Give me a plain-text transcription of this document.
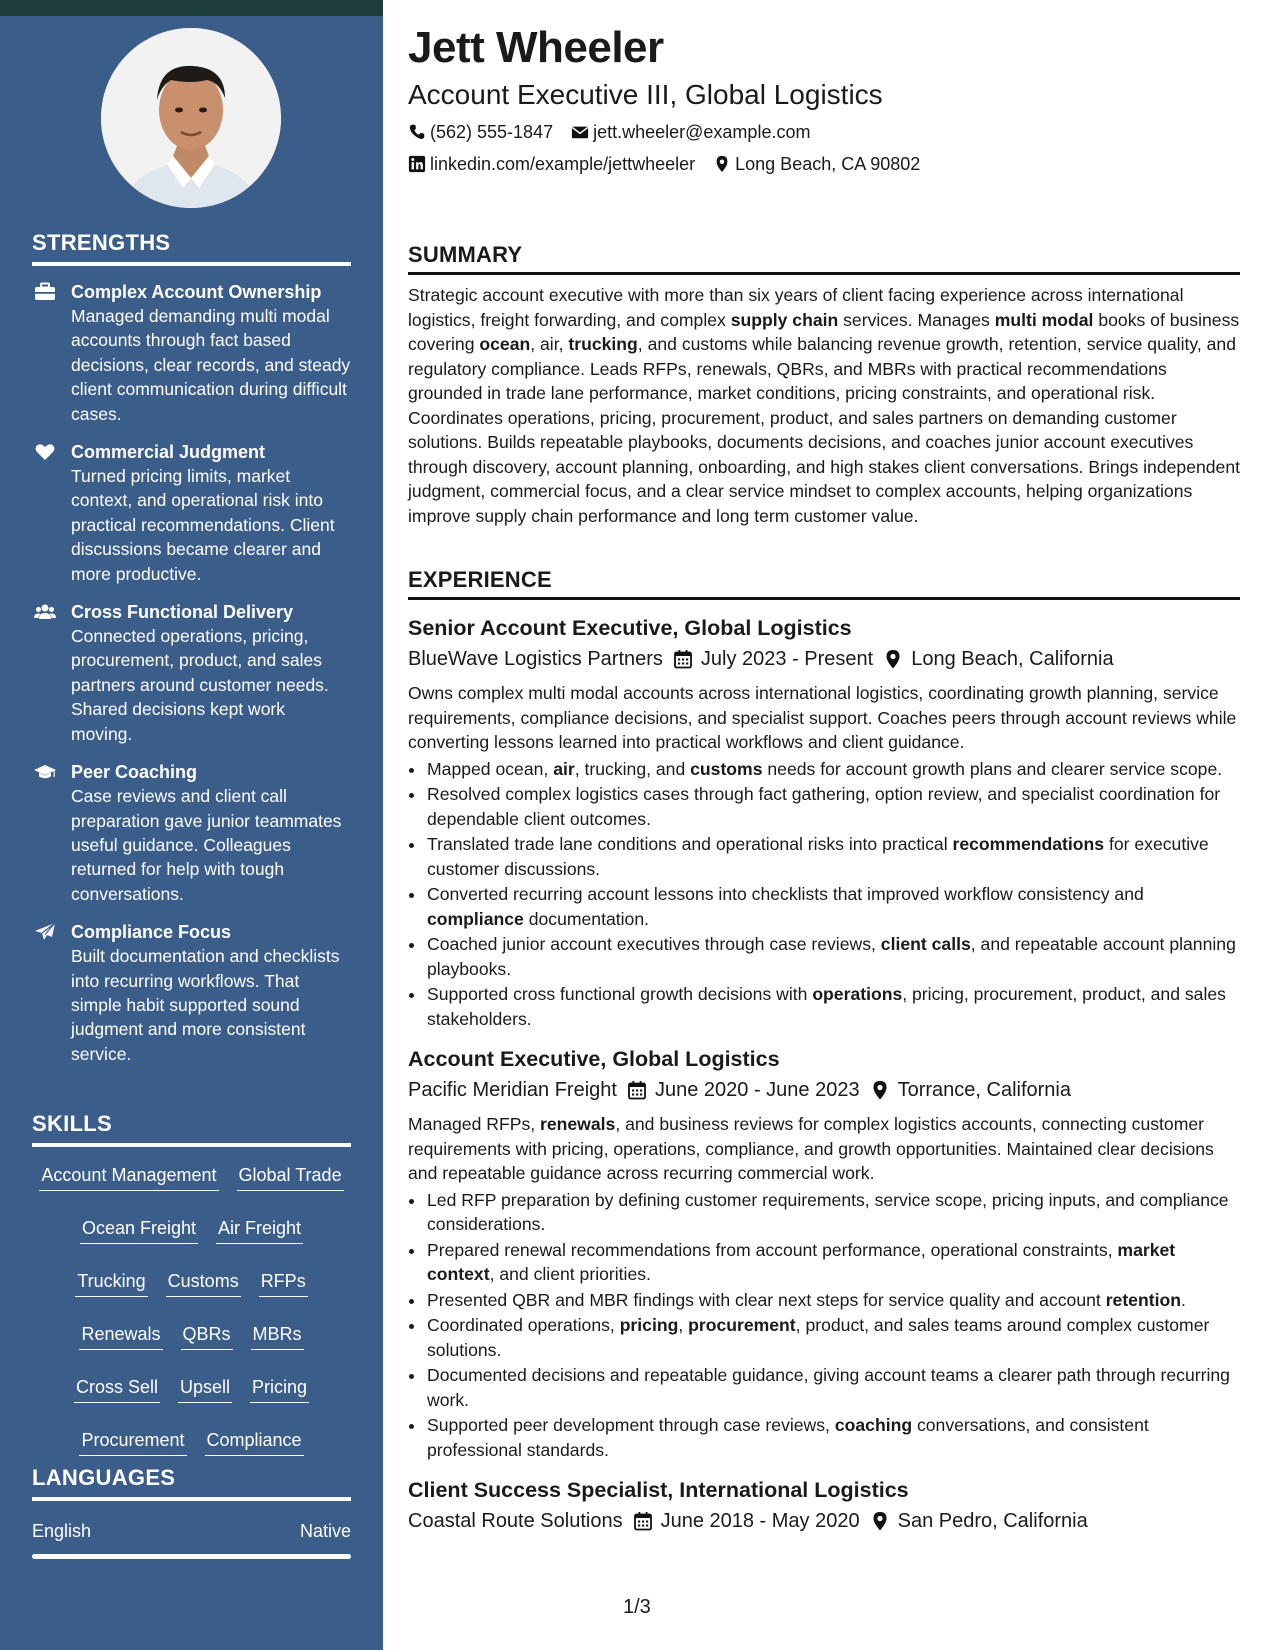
STRENGTHS
Complex Account Ownership
Managed demanding multi modal accounts through fact based decisions, clear records, and steady client communication during difficult cases.
Commercial Judgment
Turned pricing limits, market context, and operational risk into practical recommendations. Client discussions became clearer and more productive.
Cross Functional Delivery
Connected operations, pricing, procurement, product, and sales partners around customer needs. Shared decisions kept work moving.
Peer Coaching
Case reviews and client call preparation gave junior teammates useful guidance. Colleagues returned for help with tough conversations.
Compliance Focus
Built documentation and checklists into recurring workflows. That simple habit supported sound judgment and more consistent service.
SKILLS
Account Management Global Trade
Ocean Freight Air Freight
Trucking Customs RFPs
Renewals QBRs MBRs
Cross Sell Upsell Pricing
Procurement Compliance
LANGUAGES
English	Native
Jett Wheeler
Account Executive III, Global Logistics
(562) 555-1847 jett.wheeler@example.com
linkedin.com/example/jettwheeler Long Beach, CA 90802
SUMMARY
Strategic account executive with more than six years of client facing experience across international logistics, freight forwarding, and complex supply chain services. Manages multi modal books of business covering ocean, air, trucking, and customs while balancing revenue growth, retention, service quality, and regulatory compliance. Leads RFPs, renewals, QBRs, and MBRs with practical recommendations grounded in trade lane performance, market conditions, pricing constraints, and operational risk. Coordinates operations, pricing, procurement, product, and sales partners on demanding customer solutions. Builds repeatable playbooks, documents decisions, and coaches junior account executives through discovery, account planning, onboarding, and high stakes client conversations. Brings independent judgment, commercial focus, and a clear service mindset to complex accounts, helping organizations improve supply chain performance and long term customer value.
EXPERIENCE
Senior Account Executive, Global Logistics
BlueWave Logistics Partners July 2023 - Present Long Beach, California
Owns complex multi modal accounts across international logistics, coordinating growth planning, service requirements, compliance decisions, and specialist support. Coaches peers through account reviews while converting lessons learned into practical workflows and client guidance.
• Mapped ocean, air, trucking, and customs needs for account growth plans and clearer service scope.
• Resolved complex logistics cases through fact gathering, option review, and specialist coordination for dependable client outcomes.
• Translated trade lane conditions and operational risks into practical recommendations for executive customer discussions.
• Converted recurring account lessons into checklists that improved workflow consistency and compliance documentation.
• Coached junior account executives through case reviews, client calls, and repeatable account planning playbooks.
• Supported cross functional growth decisions with operations, pricing, procurement, product, and sales stakeholders.
Account Executive, Global Logistics
Pacific Meridian Freight June 2020 - June 2023 Torrance, California
Managed RFPs, renewals, and business reviews for complex logistics accounts, connecting customer requirements with pricing, operations, compliance, and growth opportunities. Maintained clear decisions and repeatable guidance across recurring commercial work.
• Led RFP preparation by defining customer requirements, service scope, pricing inputs, and compliance considerations.
• Prepared renewal recommendations from account performance, operational constraints, market context, and client priorities.
• Presented QBR and MBR findings with clear next steps for service quality and account retention.
• Coordinated operations, pricing, procurement, product, and sales teams around complex customer solutions.
• Documented decisions and repeatable guidance, giving account teams a clearer path through recurring work.
• Supported peer development through case reviews, coaching conversations, and consistent professional standards.
Client Success Specialist, International Logistics
Coastal Route Solutions June 2018 - May 2020 San Pedro, California
1/3
